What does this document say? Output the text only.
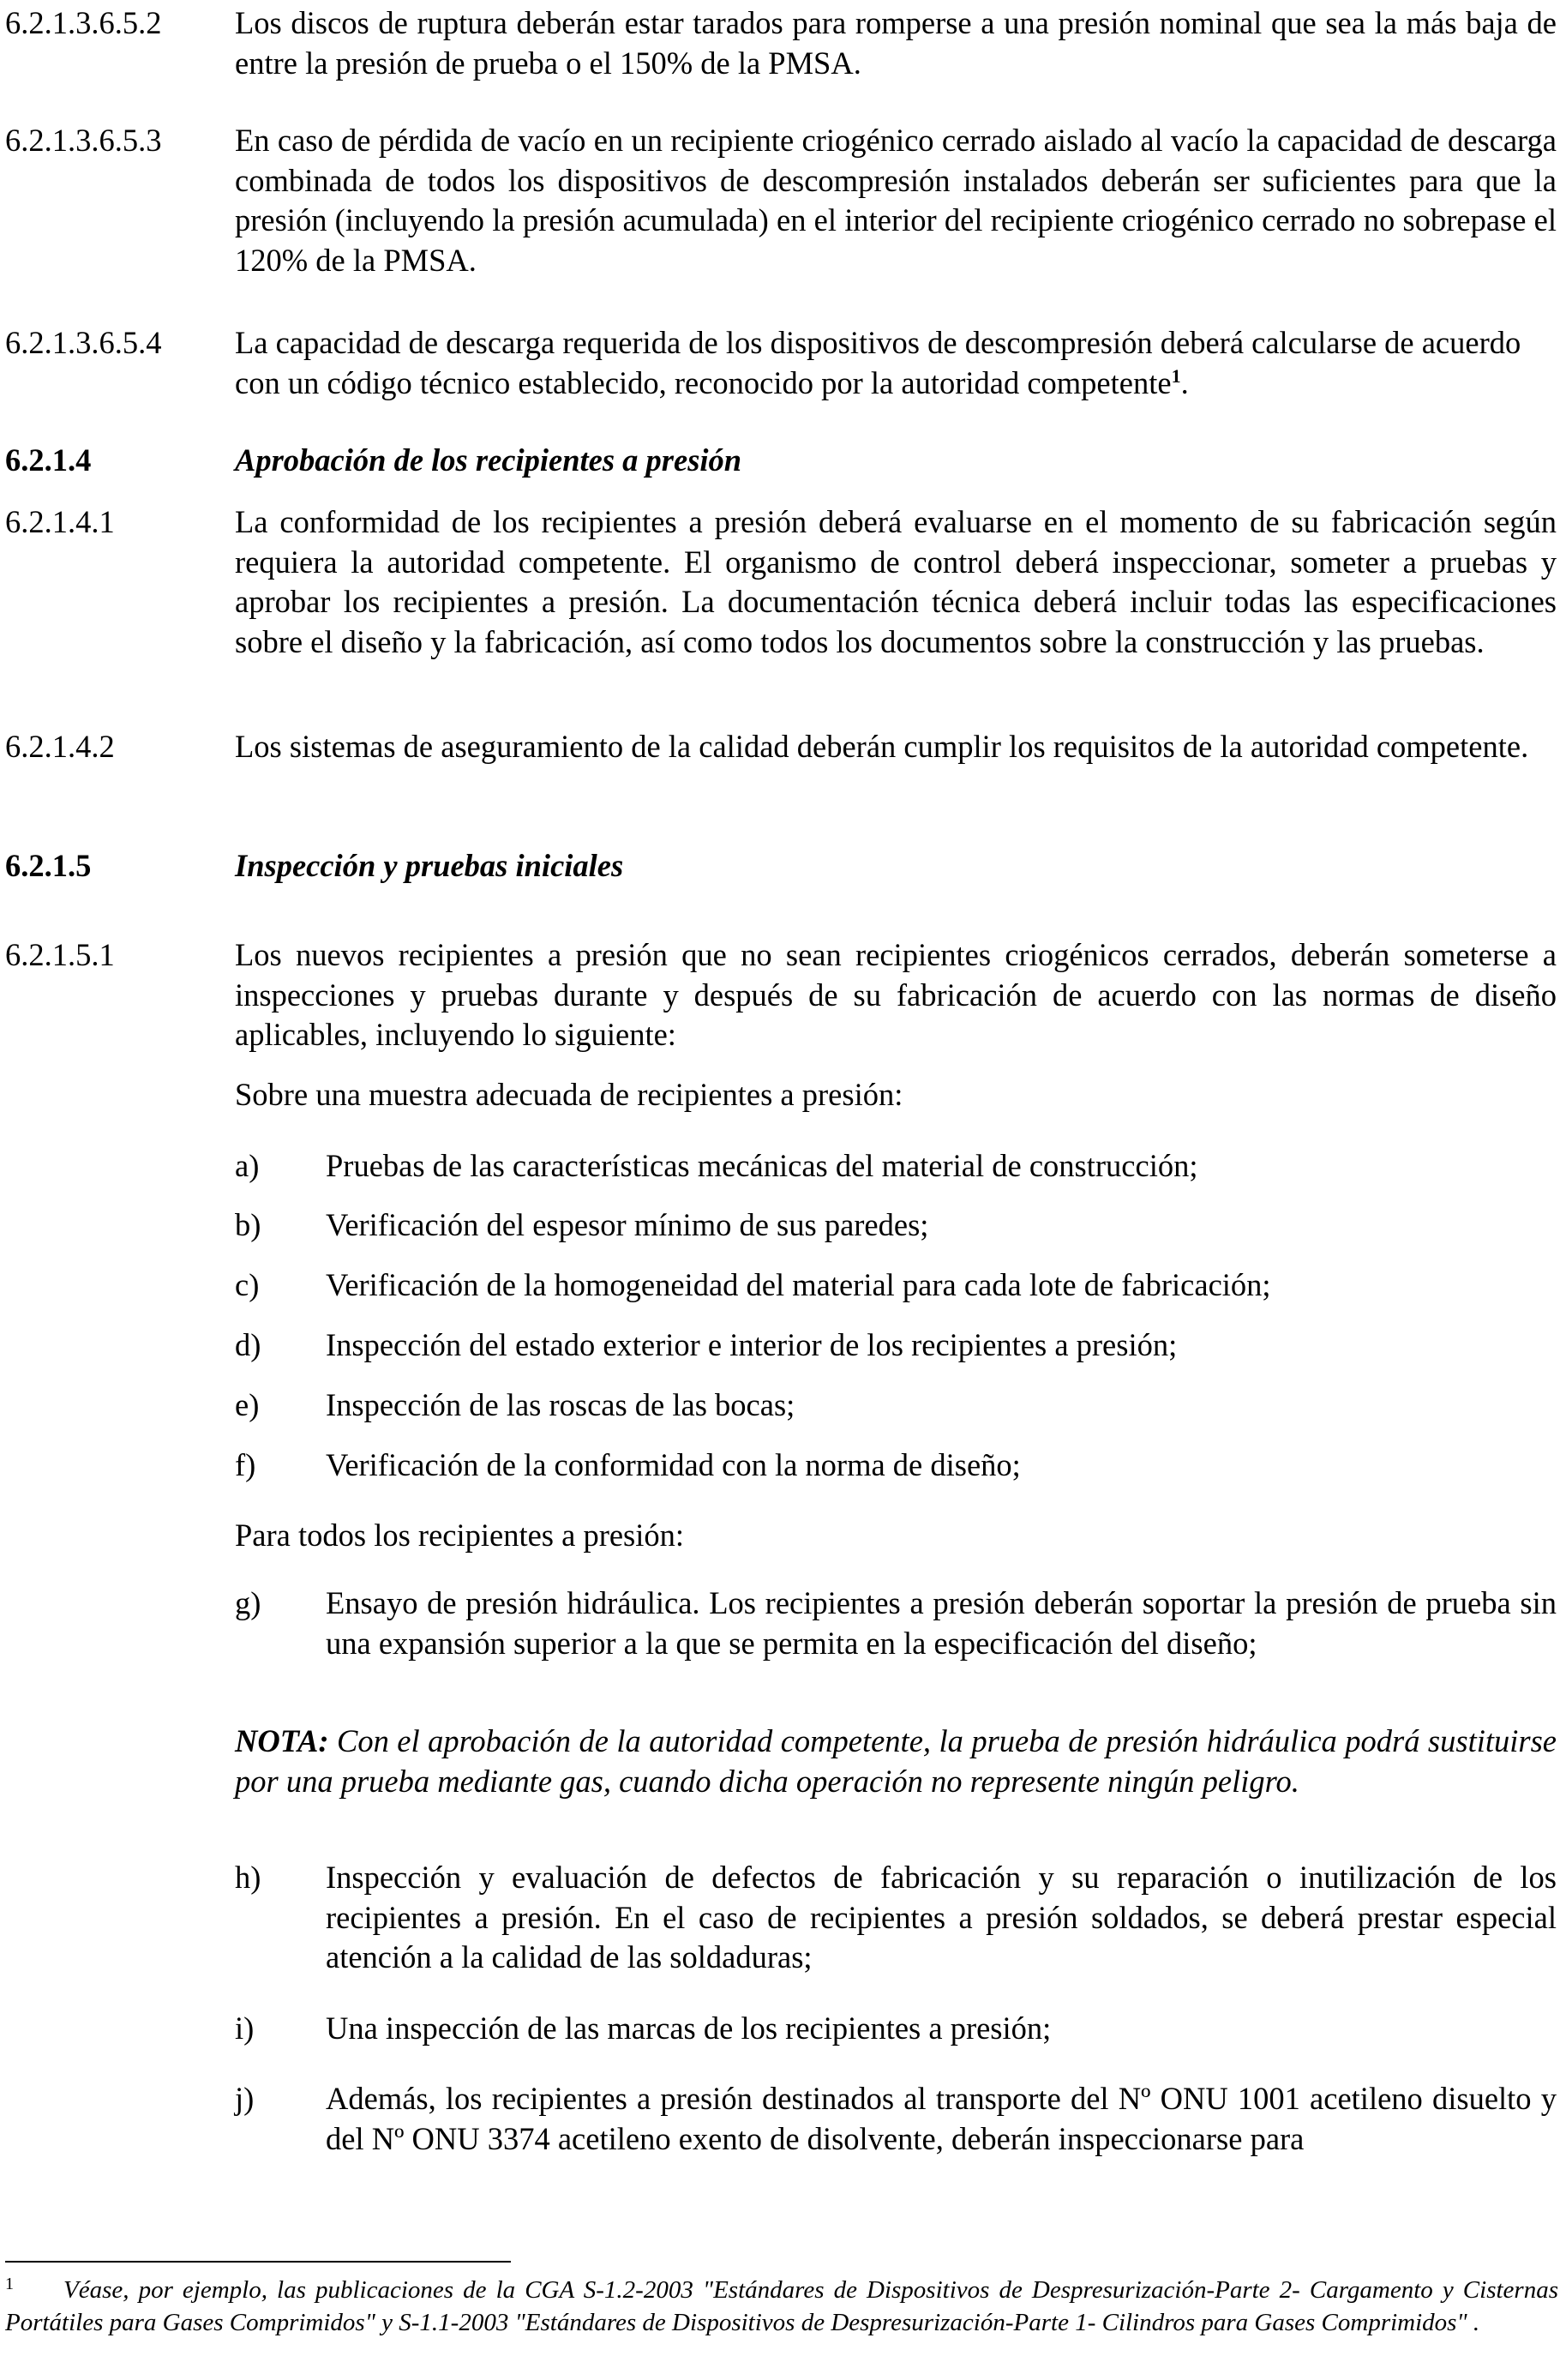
6.2.1.3.6.5.2 Los discos de ruptura deberán estar tarados para romperse a una presión nominal que sea la más baja de entre la presión de prueba o el 150% de la PMSA.
6.2.1.3.6.5.3 En caso de pérdida de vacío en un recipiente criogénico cerrado aislado al vacío la capacidad de descarga combinada de todos los dispositivos de descompresión instalados deberán ser suficientes para que la presión (incluyendo la presión acumulada) en el interior del recipiente criogénico cerrado no sobrepase el 120% de la PMSA.
6.2.1.3.6.5.4 La capacidad de descarga requerida de los dispositivos de descompresión deberá calcularse de acuerdo con un código técnico establecido, reconocido por la autoridad competente$^1$.
6.2.1.4	Aprobación de los recipientes a presión
6.2.1.4.1	La conformidad de los recipientes a presión deberá evaluarse en el momento de su fabricación según requiera la autoridad competente. El organismo de control deberá inspeccionar, someter a pruebas y aprobar los recipientes a presión. La documentación técnica deberá incluir todas las especificaciones sobre el diseño y la fabricación, así como todos los documentos sobre la construcción y las pruebas.
6.2.1.4.2	Los sistemas de aseguramiento de la calidad deberán cumplir los requisitos de la autoridad competente.
6.2.1.5	Inspección y pruebas iniciales
6.2.1.5.1	Los nuevos recipientes a presión que no sean recipientes criogénicos cerrados, deberán someterse a inspecciones y pruebas durante y después de su fabricación de acuerdo con las normas de diseño aplicables, incluyendo lo siguiente:
Sobre una muestra adecuada de recipientes a presión:
a) Pruebas de las características mecánicas del material de construcción;
b) Verificación del espesor mínimo de sus paredes;
c) Verificación de la homogeneidad del material para cada lote de fabricación;
d) Inspección del estado exterior e interior de los recipientes a presión;
e) Inspección de las roscas de las bocas;
f) Verificación de la conformidad con la norma de diseño;
Para todos los recipientes a presión:
g) Ensayo de presión hidráulica. Los recipientes a presión deberán soportar la presión de prueba sin una expansión superior a la que se permita en la especificación del diseño;
NOTA: Con el aprobación de la autoridad competente, la prueba de presión hidráulica podrá sustituirse por una prueba mediante gas, cuando dicha operación no represente ningún peligro.
h) Inspección y evaluación de defectos de fabricación y su reparación o inutilización de los recipientes a presión. En el caso de recipientes a presión soldados, se deberá prestar especial atención a la calidad de las soldaduras;
i) Una inspección de las marcas de los recipientes a presión;
j) Además, los recipientes a presión destinados al transporte del Nº ONU 1001 acetileno disuelto y del Nº ONU 3374 acetileno exento de disolvente, deberán inspeccionarse para
$^1$ Véase, por ejemplo, las publicaciones de la CGA S-1.2-2003 "Estándares de Dispositivos de Despresurización-Parte 2- Cargamento y Cisternas Portátiles para Gases Comprimidos" y S-1.1-2003 "Estándares de Dispositivos de Despresurización-Parte 1- Cilindros para Gases Comprimidos" .
